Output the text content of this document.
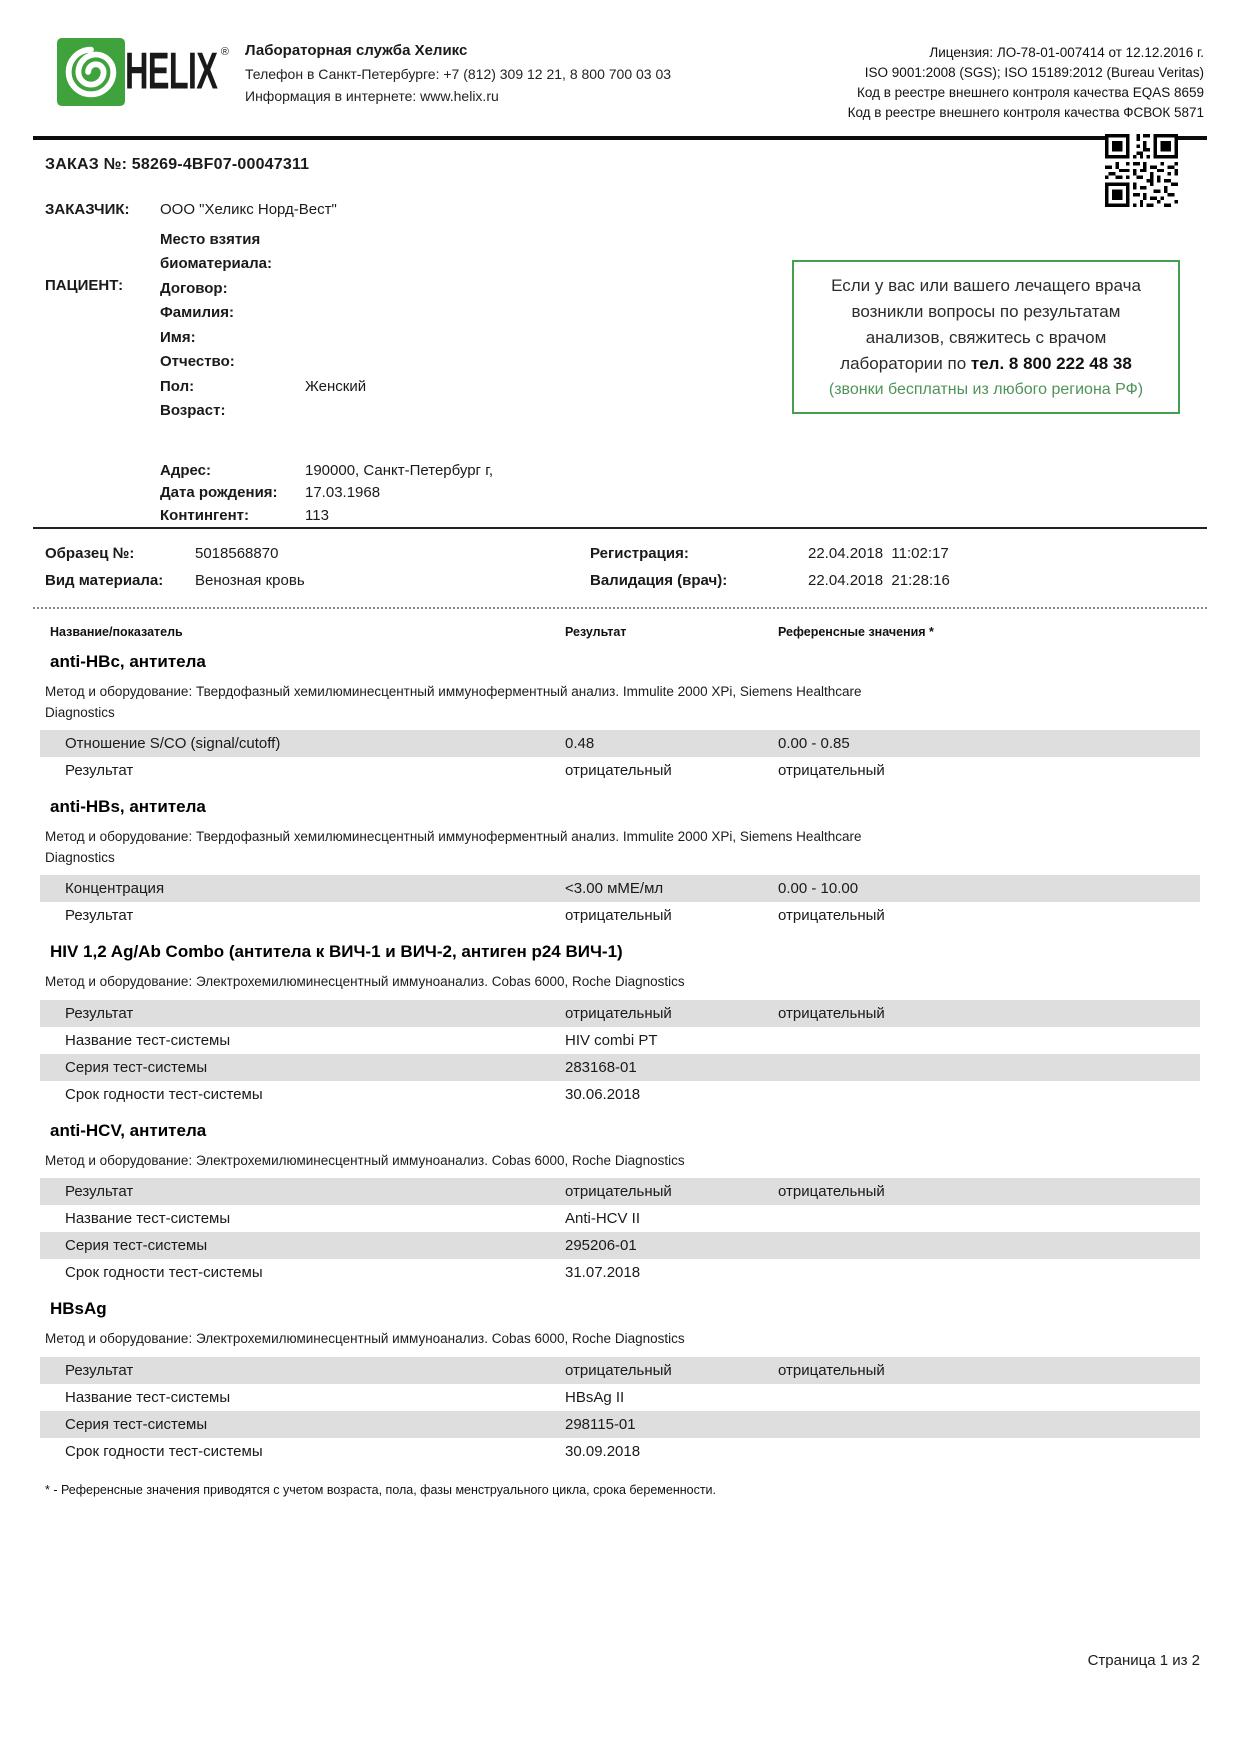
HELIX ® Лабораторная служба Хеликс
Телефон в Санкт-Петербурге: +7 (812) 309 12 21, 8 800 700 03 03
Информация в интернете: www.helix.ru
Лицензия: ЛО-78-01-007414 от 12.12.2016 г.
ISO 9001:2008 (SGS); ISO 15189:2012 (Bureau Veritas)
Код в реестре внешнего контроля качества EQAS 8659
Код в реестре внешнего контроля качества ФСВОК 5871
ЗАКАЗ №: 58269-4BF07-00047311
ЗАКАЗЧИК:	ООО "Хеликс Норд-Вест"
ПАЦИЕНТ:
Место взятия биоматериала:
Договор:
Фамилия:
Имя:
Отчество:
Пол:	Женский
Возраст:
Адрес:	190000, Санкт-Петербург г,
Дата рождения:	17.03.1968
Контингент:	113
Если у вас или вашего лечащего врача
возникли вопросы по результатам
анализов, свяжитесь с врачом
лаборатории по тел. 8 800 222 48 38
(звонки бесплатны из любого региона РФ)
Образец №:	5018568870	Регистрация:	22.04.2018  11:02:17
Вид материала: Венозная кровь	Валидация (врач):	22.04.2018  21:28:16
Название/показатель	Результат	Референсные значения *
anti-HBc, антитела
Метод и оборудование: Твердофазный хемилюминесцентный иммуноферментный анализ. Immulite 2000 XPi, Siemens Healthcare Diagnostics
Отношение S/CO (signal/cutoff)	0.48	0.00 - 0.85
Результат	отрицательный	отрицательный
anti-HBs, антитела
Метод и оборудование: Твердофазный хемилюминесцентный иммуноферментный анализ. Immulite 2000 XPi, Siemens Healthcare Diagnostics
Концентрация	<3.00 мМЕ/мл	0.00 - 10.00
Результат	отрицательный	отрицательный
HIV 1,2 Ag/Ab Combo (антитела к ВИЧ-1 и ВИЧ-2, антиген p24 ВИЧ-1)
Метод и оборудование: Электрохемилюминесцентный иммуноанализ. Cobas 6000, Roche Diagnostics
Результат	отрицательный	отрицательный
Название тест-системы	HIV combi PT
Серия тест-системы	283168-01
Срок годности тест-системы	30.06.2018
anti-HCV, антитела
Метод и оборудование: Электрохемилюминесцентный иммуноанализ. Cobas 6000, Roche Diagnostics
Результат	отрицательный	отрицательный
Название тест-системы	Anti-HCV II
Серия тест-системы	295206-01
Срок годности тест-системы	31.07.2018
HBsAg
Метод и оборудование: Электрохемилюминесцентный иммуноанализ. Cobas 6000, Roche Diagnostics
Результат	отрицательный	отрицательный
Название тест-системы	HBsAg II
Серия тест-системы	298115-01
Срок годности тест-системы	30.09.2018
* - Референсные значения приводятся с учетом возраста, пола, фазы менструального цикла, срока беременности.
Страница 1 из 2
